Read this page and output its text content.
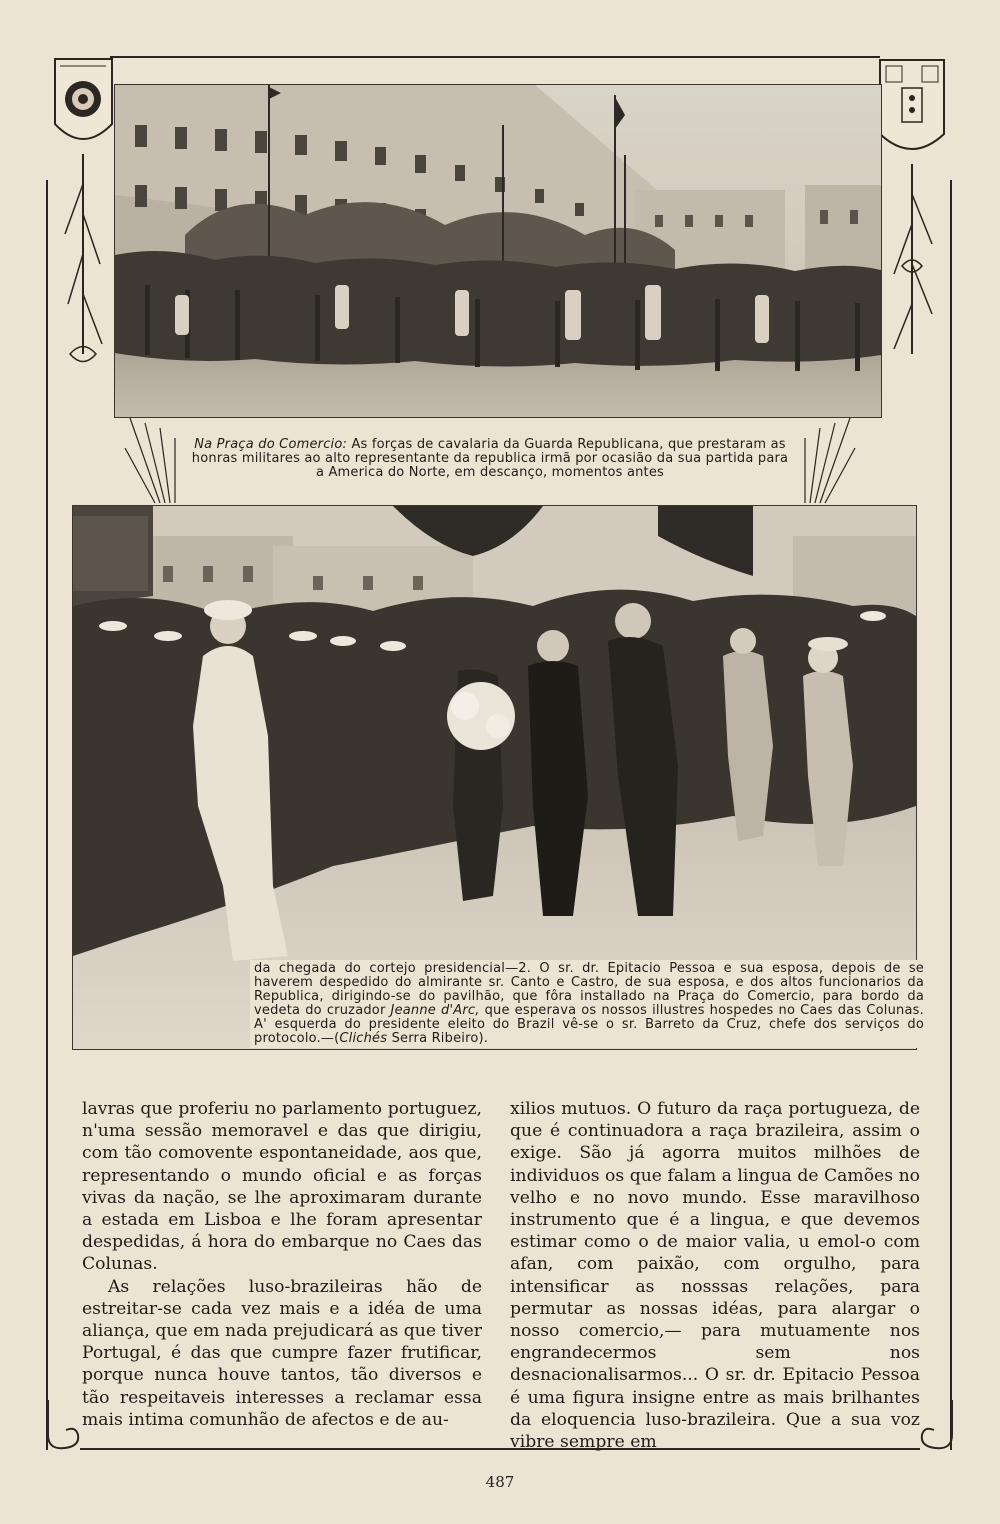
Na Praça do Comercio: As forças de cavalaria da Guarda Republicana, que prestaram as honras militares ao alto representante da republica irmã por ocasião da sua partida para a America do Norte, em descanço, momentos antes
da chegada do cortejo presidencial—2. O sr. dr. Epitacio Pessoa e sua esposa, depois de se haverem despedido do almirante sr. Canto e Castro, de sua esposa, e dos altos funcionarios da Republica, dirigindo-se do pavilhão, que fôra installado na Praça do Comercio, para bordo da vedeta do cruzador Jeanne d'Arc, que esperava os nossos illustres hospedes no Caes das Colunas. A' esquerda do presidente eleito do Brazil vê-se o sr. Barreto da Cruz, chefe dos serviços do protocolo.—(Clichés Serra Ribeiro).

lavras que proferiu no parlamento portuguez, n'uma sessão memoravel e das que dirigiu, com tão comovente espontaneidade, aos que, representando o mundo oficial e as forças vivas da nação, se lhe aproximaram durante a estada em Lisboa e lhe foram apresentar despedidas, á hora do embarque no Caes das Colunas.

As relações luso-brazileiras hão de estreitar-se cada vez mais e a idéa de uma aliança, que em nada prejudicará as que tiver Portugal, é das que cumpre fazer frutificar, porque nunca houve tantos, tão diversos e tão respeitaveis interesses a reclamar essa mais intima comunhão de afectos e de au-

xilios mutuos. O futuro da raça portugueza, de que é continuadora a raça brazileira, assim o exige. São já agorra muitos milhões de individuos os que falam a lingua de Camões no velho e no novo mundo. Esse maravilhoso instrumento que é a lingua, e que devemos estimar como o de maior valia, u emol-o com afan, com paixão, com orgulho, para intensificar as nosssas relações, para permutar as nossas idéas, para alargar o nosso comercio,— para mutuamente nos engrandecermos sem nos desnacionalisarmos... O sr. dr. Epitacio Pessoa é uma figura insigne entre as mais brilhantes da eloquencia luso-brazileira. Que a sua voz vibre sempre em

487
